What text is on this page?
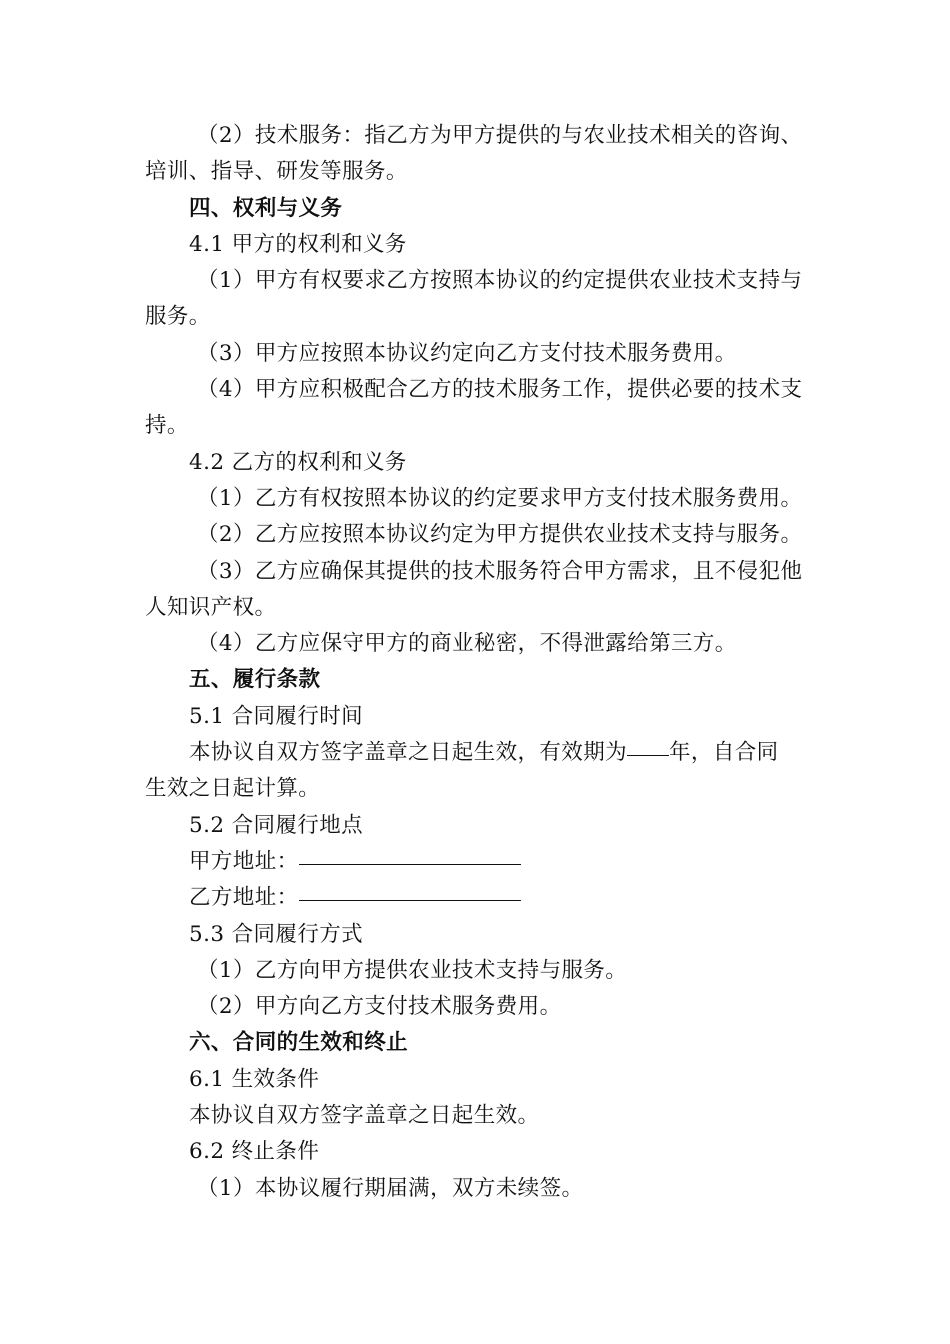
（2）技术服务：指乙方为甲方提供的与农业技术相关的咨询、
培训、指导、研发等服务。
四、权利与义务
4.1 甲方的权利和义务
（1）甲方有权要求乙方按照本协议的约定提供农业技术支持与
服务。
（3）甲方应按照本协议约定向乙方支付技术服务费用。
（4）甲方应积极配合乙方的技术服务工作，提供必要的技术支
持。
4.2 乙方的权利和义务
（1）乙方有权按照本协议的约定要求甲方支付技术服务费用。
（2）乙方应按照本协议约定为甲方提供农业技术支持与服务。
（3）乙方应确保其提供的技术服务符合甲方需求，且不侵犯他
人知识产权。
（4）乙方应保守甲方的商业秘密，不得泄露给第三方。
五、履行条款
5.1 合同履行时间
本协议自双方签字盖章之日起生效，有效期为 年，自合同
生效之日起计算。
5.2 合同履行地点
甲方地址：
乙方地址：
5.3 合同履行方式
（1）乙方向甲方提供农业技术支持与服务。
（2）甲方向乙方支付技术服务费用。
六、合同的生效和终止
6.1 生效条件
本协议自双方签字盖章之日起生效。
6.2 终止条件
（1）本协议履行期届满，双方未续签。
